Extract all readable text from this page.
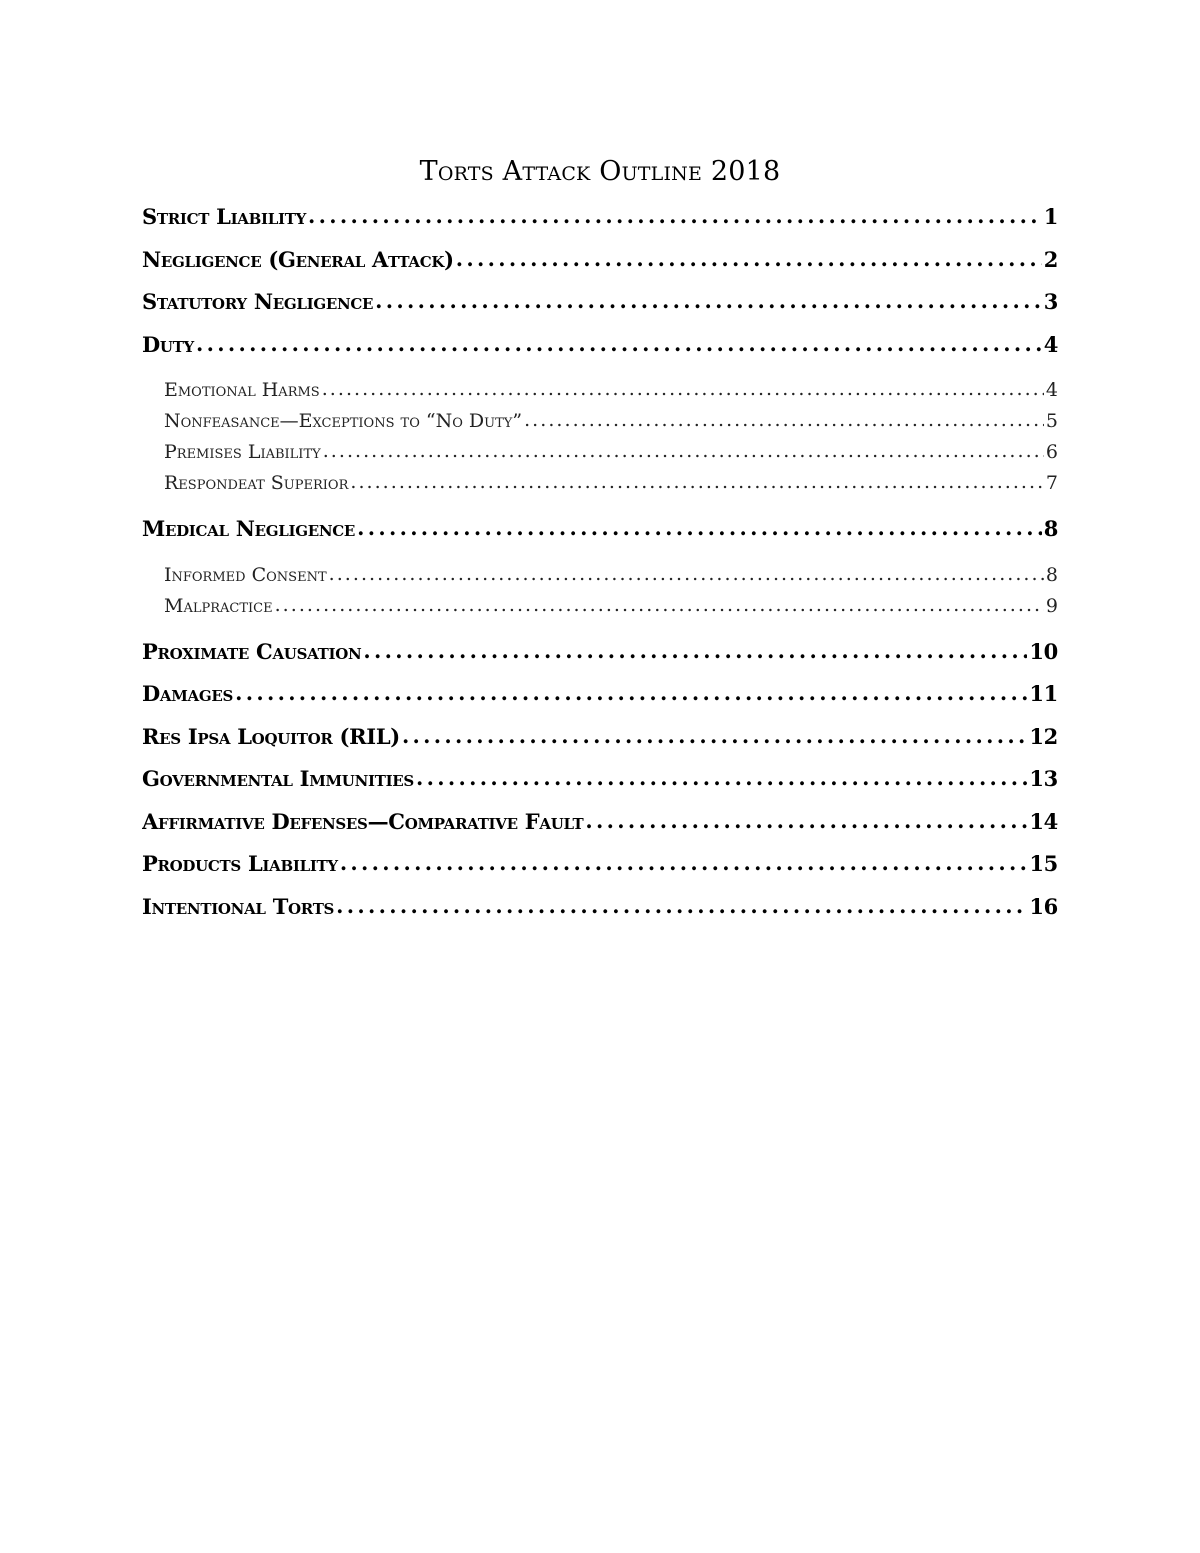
Torts Attack Outline 2018
Strict Liability . . .	1
Negligence (General Attack) . . .	2
Statutory Negligence . . .	3
Duty . . .	4
Emotional Harms . . .	4
Nonfeasance—Exceptions to “No Duty” . . .	5
Premises Liability . . .	6
Respondeat Superior . . .	7
Medical Negligence . . .	8
Informed Consent . . .	8
Malpractice . . .	9
Proximate Causation . . .	10
Damages . . .	11
Res Ipsa Loquitor (RIL) . . .	12
Governmental Immunities . . .	13
Affirmative Defenses—Comparative Fault . . .	14
Products Liability . . .	15
Intentional Torts . . .	16
